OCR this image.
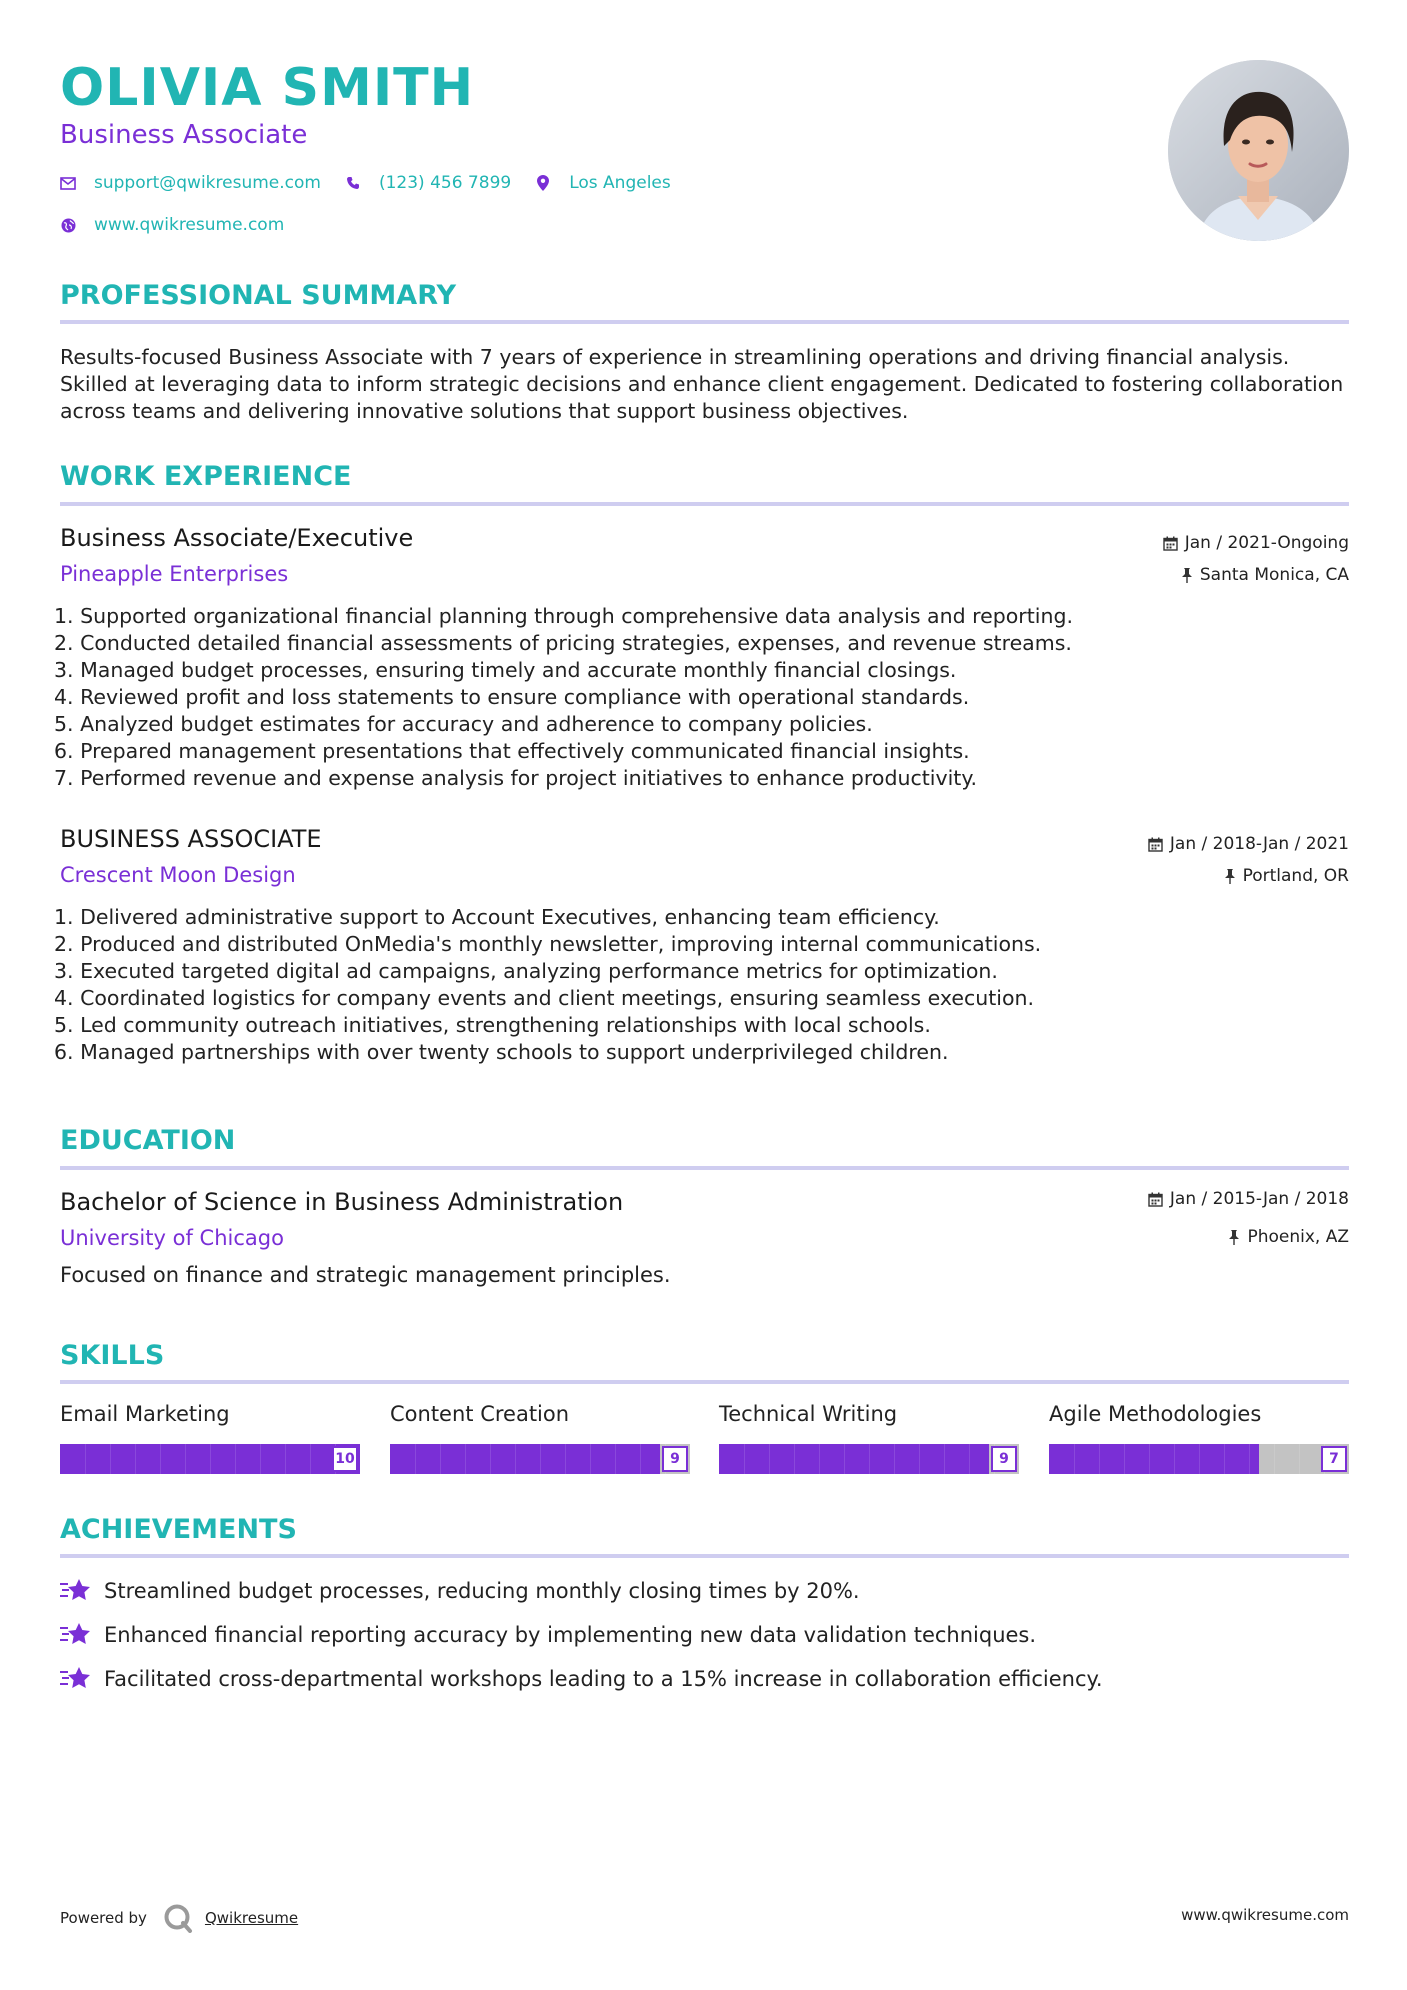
OLIVIA SMITH
Business Associate
support@qwikresume.com	(123) 456 7899	Los Angeles
www.qwikresume.com
PROFESSIONAL SUMMARY

Results-focused Business Associate with 7 years of experience in streamlining operations and driving financial analysis. Skilled at leveraging data to inform strategic decisions and enhance client engagement. Dedicated to fostering collaboration across teams and delivering innovative solutions that support business objectives.

WORK EXPERIENCE
Business Associate/Executive
Pineapple Enterprises
Jan / 2021-Ongoing
Santa Monica, CA
1. Supported organizational financial planning through comprehensive data analysis and reporting.
2. Conducted detailed financial assessments of pricing strategies, expenses, and revenue streams.
3. Managed budget processes, ensuring timely and accurate monthly financial closings.
4. Reviewed profit and loss statements to ensure compliance with operational standards.
5. Analyzed budget estimates for accuracy and adherence to company policies.
6. Prepared management presentations that effectively communicated financial insights.
7. Performed revenue and expense analysis for project initiatives to enhance productivity.
BUSINESS ASSOCIATE
Crescent Moon Design
Jan / 2018-Jan / 2021
Portland, OR
1. Delivered administrative support to Account Executives, enhancing team efficiency.
2. Produced and distributed OnMedia's monthly newsletter, improving internal communications.
3. Executed targeted digital ad campaigns, analyzing performance metrics for optimization.
4. Coordinated logistics for company events and client meetings, ensuring seamless execution.
5. Led community outreach initiatives, strengthening relationships with local schools.
6. Managed partnerships with over twenty schools to support underprivileged children.
EDUCATION
Bachelor of Science in Business Administration
University of Chicago
Jan / 2015-Jan / 2018
Phoenix, AZ
Focused on finance and strategic management principles.
SKILLS
Email Marketing
10
Content Creation
9
Technical Writing
9
Agile Methodologies
7
ACHIEVEMENTS
Streamlined budget processes, reducing monthly closing times by 20%.
Enhanced financial reporting accuracy by implementing new data validation techniques.
Facilitated cross-departmental workshops leading to a 15% increase in collaboration efficiency.
Powered by	Qwikresume	www.qwikresume.com
